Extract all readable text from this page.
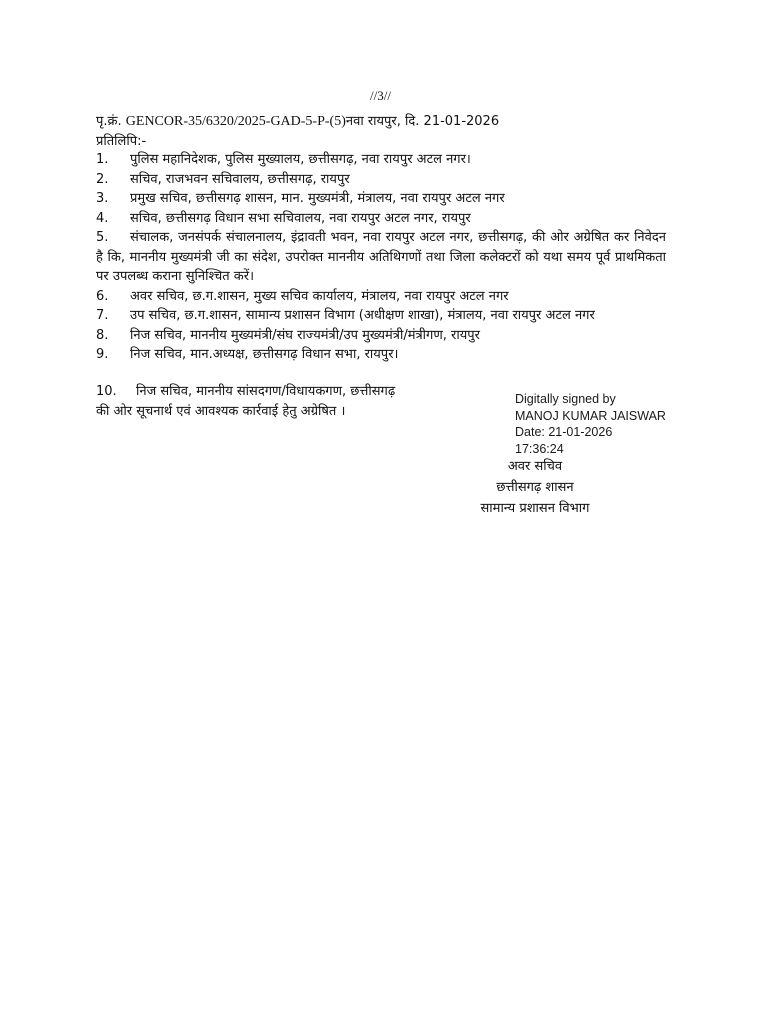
//3//
पृ.क्रं. GENCOR-35/6320/2025-GAD-5-P-(5)नवा रायपुर, दि. 21-01-2026
प्रतिलिपि:-
1.	पुलिस महानिदेशक, पुलिस मुख्यालय, छत्तीसगढ़, नवा रायपुर अटल नगर।
2.	सचिव, राजभवन सचिवालय, छत्तीसगढ़, रायपुर
3.	प्रमुख सचिव, छत्तीसगढ़ शासन, मान. मुख्यमंत्री, मंत्रालय, नवा रायपुर अटल नगर
4.	सचिव, छत्तीसगढ़ विधान सभा सचिवालय, नवा रायपुर अटल नगर, रायपुर
5.	संचालक, जनसंपर्क संचालनालय, इंद्रावती भवन, नवा रायपुर अटल नगर, छत्तीसगढ़, की ओर अग्रेषित कर निवेदन है कि, माननीय मुख्यमंत्री जी का संदेश, उपरोक्त माननीय अतिथिगणों तथा जिला कलेक्टरों को यथा समय पूर्व प्राथमिकता पर उपलब्ध कराना सुनिश्चित करें।
6.	अवर सचिव, छ.ग.शासन, मुख्य सचिव कार्यालय, मंत्रालय, नवा रायपुर अटल नगर
7.	उप सचिव, छ.ग.शासन, सामान्य प्रशासन विभाग (अधीक्षण शाखा), मंत्रालय, नवा रायपुर अटल नगर
8.	निज सचिव, माननीय मुख्यमंत्री/संघ राज्यमंत्री/उप मुख्यमंत्री/मंत्रीगण, रायपुर
9.	निज सचिव, मान.अध्यक्ष, छत्तीसगढ़ विधान सभा, रायपुर।
10. निज सचिव, माननीय सांसदगण/विधायकगण, छत्तीसगढ़
की ओर सूचनार्थ एवं आवश्यक कार्रवाई हेतु अग्रेषित ।
Digitally signed by
MANOJ KUMAR JAISWAR
Date: 21-01-2026
17:36:24
अवर सचिव
छत्तीसगढ़ शासन
सामान्य प्रशासन विभाग
